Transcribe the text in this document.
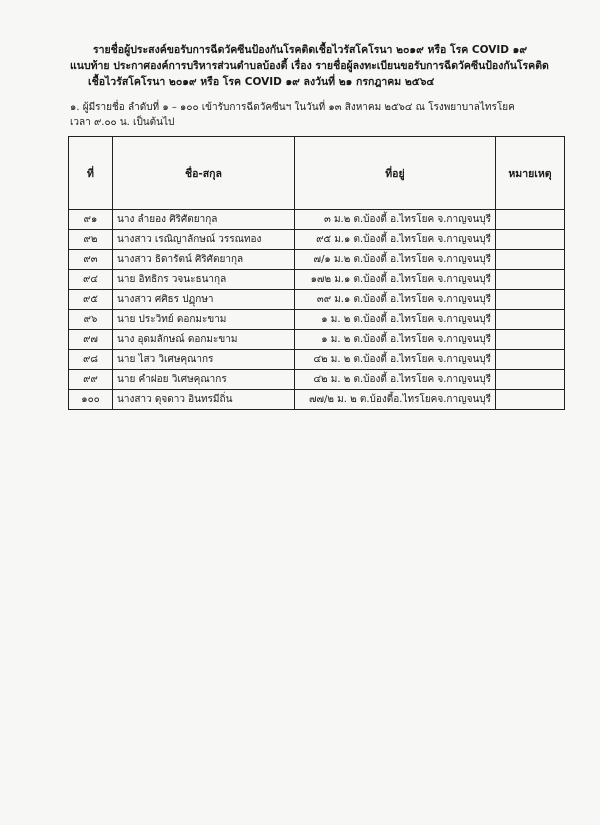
รายชื่อผู้ประสงค์ขอรับการฉีดวัคซีนป้องกันโรคติดเชื้อไวรัสโคโรนา ๒๐๑๙ หรือ โรค COVID ๑๙
แนบท้าย ประกาศองค์การบริหารส่วนตำบลบ้องตี้ เรื่อง รายชื่อผู้ลงทะเบียนขอรับการฉีดวัคซีนป้องกันโรคติด
เชื้อไวรัสโคโรนา ๒๐๑๙ หรือ โรค COVID ๑๙ ลงวันที่ ๒๑ กรกฎาคม ๒๕๖๔
๑. ผู้มีรายชื่อ ลำดับที่ ๑ – ๑๐๐ เข้ารับการฉีดวัคซีนฯ ในวันที่ ๑๓ สิงหาคม ๒๕๖๔ ณ โรงพยาบาลไทรโยค
เวลา ๙.๐๐ น. เป็นต้นไป
ที่	ชื่อ-สกุล	ที่อยู่	หมายเหตุ
๙๑	นาง ลำยอง ศิริศัตยากุล	๓ ม.๒ ต.บ้องตี้ อ.ไทรโยค จ.กาญจนบุรี	
๙๒	นางสาว เรณิญาลักษณ์ วรรณทอง	๙๕ ม.๑ ต.บ้องตี้ อ.ไทรโยค จ.กาญจนบุรี	
๙๓	นางสาว ธิดารัตน์ ศิริศัตยากุล	๗/๑ ม.๒ ต.บ้องตี้ อ.ไทรโยค จ.กาญจนบุรี	
๙๔	นาย อิทธิกร วจนะธนากุล	๑๗๒ ม.๑ ต.บ้องตี้ อ.ไทรโยค จ.กาญจนบุรี	
๙๕	นางสาว ศศิธร ปฏุกษา	๓๙ ม.๑ ต.บ้องตี้ อ.ไทรโยค จ.กาญจนบุรี	
๙๖	นาย ประวิทย์ ดอกมะขาม	๑ ม. ๒ ต.บ้องตี้ อ.ไทรโยค จ.กาญจนบุรี	
๙๗	นาง อุดมลักษณ์ ดอกมะขาม	๑ ม. ๒ ต.บ้องตี้ อ.ไทรโยค จ.กาญจนบุรี	
๙๘	นาย ไสว วิเศษคุณากร	๔๒ ม. ๒ ต.บ้องตี้ อ.ไทรโยค จ.กาญจนบุรี	
๙๙	นาย คำฝอย วิเศษคุณากร	๔๒ ม. ๒ ต.บ้องตี้ อ.ไทรโยค จ.กาญจนบุรี	
๑๐๐	นางสาว ดุจดาว อินทรมีถิ่น	๗๗/๒ ม. ๒ ต.บ้องตี้อ.ไทรโยคจ.กาญจนบุรี	
